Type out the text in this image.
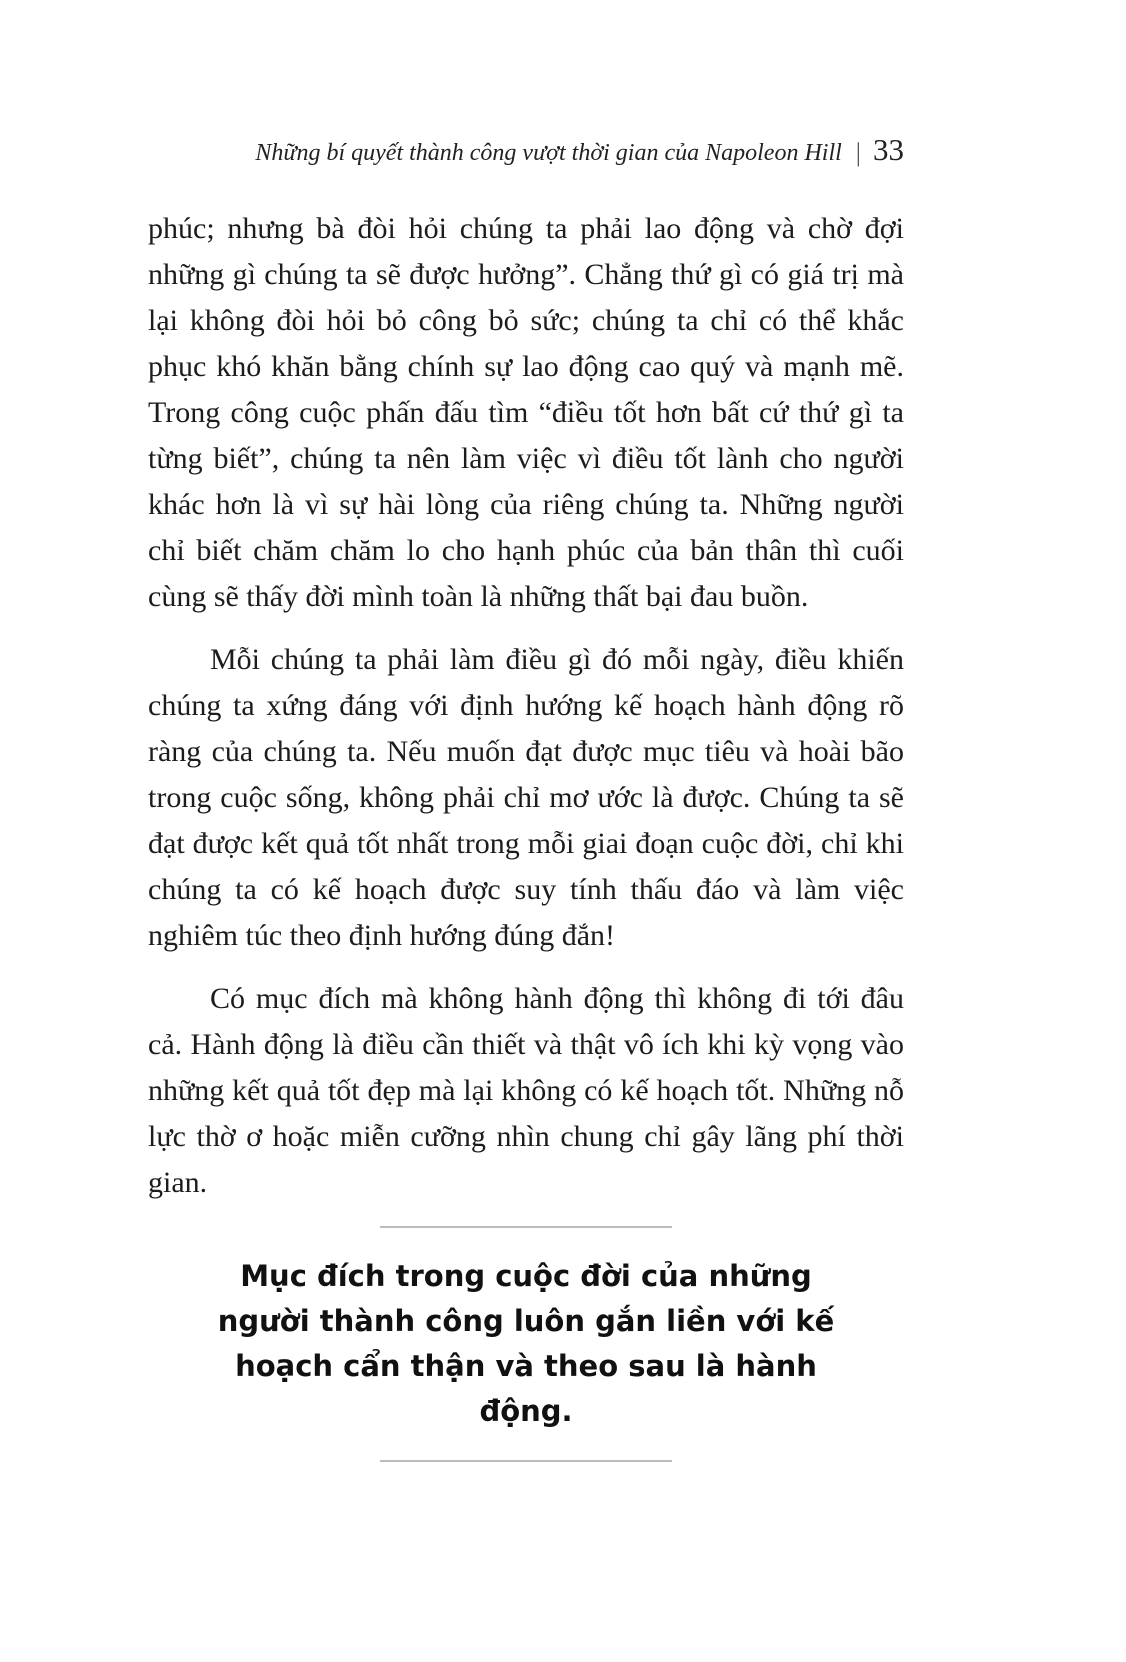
Những bí quyết thành công vượt thời gian của Napoleon Hill | 33

phúc; nhưng bà đòi hỏi chúng ta phải lao động và chờ đợi những gì chúng ta sẽ được hưởng”. Chẳng thứ gì có giá trị mà lại không đòi hỏi bỏ công bỏ sức; chúng ta chỉ có thể khắc phục khó khăn bằng chính sự lao động cao quý và mạnh mẽ. Trong công cuộc phấn đấu tìm “điều tốt hơn bất cứ thứ gì ta từng biết”, chúng ta nên làm việc vì điều tốt lành cho người khác hơn là vì sự hài lòng của riêng chúng ta. Những người chỉ biết chăm chăm lo cho hạnh phúc của bản thân thì cuối cùng sẽ thấy đời mình toàn là những thất bại đau buồn.

Mỗi chúng ta phải làm điều gì đó mỗi ngày, điều khiến chúng ta xứng đáng với định hướng kế hoạch hành động rõ ràng của chúng ta. Nếu muốn đạt được mục tiêu và hoài bão trong cuộc sống, không phải chỉ mơ ước là được. Chúng ta sẽ đạt được kết quả tốt nhất trong mỗi giai đoạn cuộc đời, chỉ khi chúng ta có kế hoạch được suy tính thấu đáo và làm việc nghiêm túc theo định hướng đúng đắn!

Có mục đích mà không hành động thì không đi tới đâu cả. Hành động là điều cần thiết và thật vô ích khi kỳ vọng vào những kết quả tốt đẹp mà lại không có kế hoạch tốt. Những nỗ lực thờ ơ hoặc miễn cưỡng nhìn chung chỉ gây lãng phí thời gian.

Mục đích trong cuộc đời của những người thành công luôn gắn liền với kế hoạch cẩn thận và theo sau là hành động.
